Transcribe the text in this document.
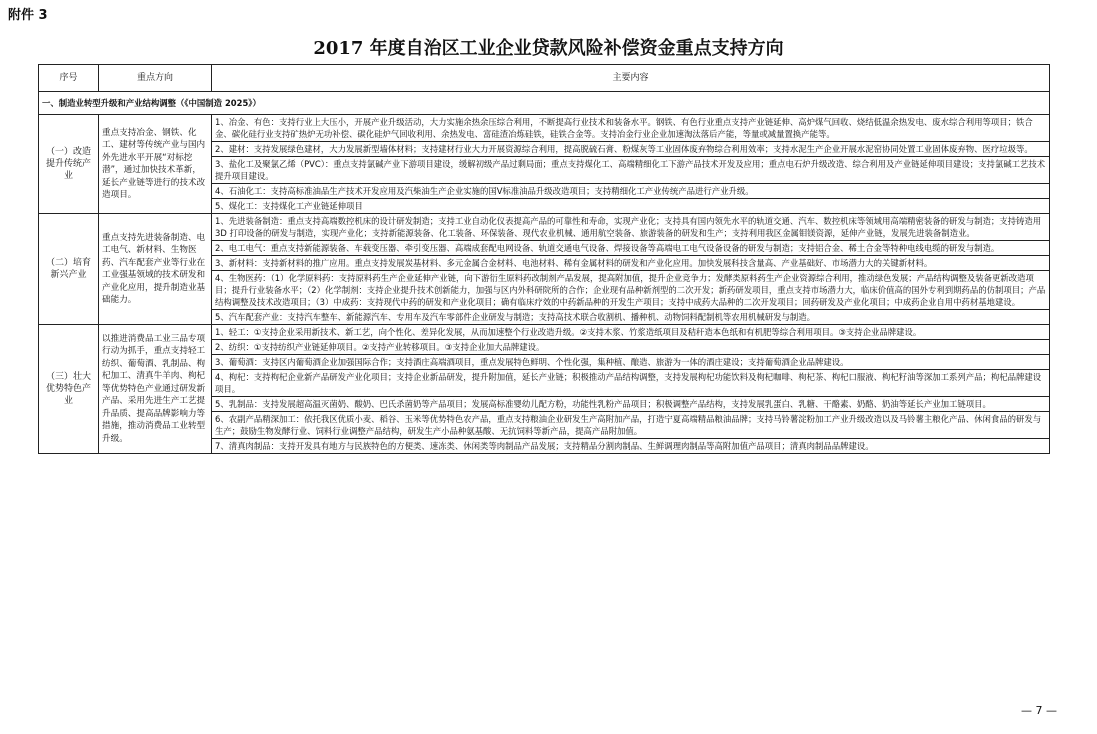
附件 3
2017 年度自治区工业企业贷款风险补偿资金重点支持方向
序号	重点方向	主要内容
一、制造业转型升级和产业结构调整（《中国制造 2025》）		
（一）改造提升传统产业	重点支持冶金、钢铁、化工、建材等传统产业与国内外先进水平开展“对标挖潜”，通过加快技术革新，延长产业链等进行的技术改造项目。	1、冶金、有色：支持行业上大压小，开展产业升级活动，大力实施余热余压综合利用，不断提高行业技术和装备水平。钢铁、有色行业重点支持产业链延伸、高炉煤气回收、烧结低温余热发电、废水综合利用等项目；铁合金、碳化硅行业支持矿热炉无功补偿、碳化硅炉气回收利用、余热发电、富硅渣冶炼硅铁，硅铁合金等。支持冶金行业企业加速淘汰落后产能，等量或减量置换产能等。
		2、建材：支持发展绿色建材，大力发展新型墙体材料；支持建材行业大力开展资源综合利用，提高脱硫石膏、粉煤灰等工业固体废弃物综合利用效率；支持水泥生产企业开展水泥窑协同处置工业固体废弃物、医疗垃圾等。
		3、盐化工及聚氯乙烯（PVC）：重点支持氯碱产业下游项目建设，缓解初级产品过剩局面；重点支持煤化工、高端精细化工下游产品技术开发及应用；重点电石炉升级改造、综合利用及产业链延伸项目建设；支持氯碱工艺技术提升项目建设。
		4、石油化工：支持高标准油品生产技术开发应用及汽柴油生产企业实施的国Ⅴ标准油品升级改造项目；支持精细化工产业传统产品进行产业升级。
		5、煤化工：支持煤化工产业链延伸项目
（二）培育新兴产业	重点支持先进装备制造、电工电气、新材料、生物医药、汽车配套产业等行业在工业强基领域的技术研发和产业化应用，提升制造业基础能力。	1、先进装备制造：重点支持高端数控机床的设计研发制造；支持工业自动化仪表提高产品的可靠性和寿命，实现产业化；支持具有国内领先水平的轨道交通、汽车、数控机床等领域用高端精密装备的研发与制造；支持铸造用 3D 打印设备的研发与制造，实现产业化；支持新能源装备、化工装备、环保装备、现代农业机械、通用航空装备、旅游装备的研发和生产；支持利用我区金属钼镁资源，延伸产业链，发展先进装备制造业。
		2、电工电气：重点支持新能源装备、车载变压器、牵引变压器、高端成套配电网设备、轨道交通电气设备、焊接设备等高端电工电气设备设备的研发与制造；支持铝合金、稀土合金等特种电线电缆的研发与制造。
		3、新材料：支持新材料的推广应用。重点支持发展炭基材料、多元金属合金材料、电池材料、稀有金属材料的研发和产业化应用。加快发展科技含量高、产业基础好、市场潜力大的关键新材料。
		4、生物医药：（1）化学原料药：支持原料药生产企业延伸产业链，向下游衍生原料药改制剂产品发展，提高附加值，提升企业竞争力；发酵类原料药生产企业资源综合利用，推动绿色发展；产品结构调整及装备更新改造项目；提升行业装备水平；（2）化学制剂：支持企业提升技术创新能力，加强与区内外科研院所的合作；企业现有品种新剂型的二次开发；新药研发项目，重点支持市场潜力大，临床价值高的国外专利到期药品的仿制项目；产品结构调整及技术改造项目；（3）中成药：支持现代中药的研发和产业化项目；确有临床疗效的中药新品种的开发生产项目；支持中成药大品种的二次开发项目；回药研发及产业化项目；中成药企业自用中药材基地建设。
		5、汽车配套产业：支持汽车整车、新能源汽车、专用车及汽车零部件企业研发与制造；支持高技术联合收割机、播种机、动物饲料配制机等农用机械研发与制造。
（三）壮大优势特色产业	以推进消费品工业三品专项行动为抓手，重点支持轻工纺织、葡萄酒、乳制品、枸杞加工、清真牛羊肉、枸杞等优势特色产业通过研发新产品、采用先进生产工艺提升品质、提高品牌影响力等措施，推动消费品工业转型升级。	1、轻工：①支持企业采用新技术、新工艺，向个性化、差异化发展，从而加速整个行业改造升级。②支持木浆、竹浆造纸项目及秸秆造本色纸和有机肥等综合利用项目。③支持企业品牌建设。
		2、纺织：①支持纺织产业链延伸项目。②支持产业转移项目。③支持企业加大品牌建设。
		3、葡萄酒：支持区内葡萄酒企业加强国际合作；支持酒庄高端酒项目，重点发展特色鲜明、个性化强，集种植、酿造、旅游为一体的酒庄建设；支持葡萄酒企业品牌建设。
		4、枸杞：支持枸杞企业新产品研发产业化项目；支持企业新品研发，提升附加值，延长产业链；积极推动产品结构调整，支持发展枸杞功能饮料及枸杞咖啡、枸杞茶、枸杞口服液、枸杞籽油等深加工系列产品；枸杞品牌建设项目。
		5、乳制品：支持发展超高温灭菌奶、酸奶、巴氏杀菌奶等产品项目；发展高标准婴幼儿配方粉，功能性乳粉产品项目；积极调整产品结构，支持发展乳蛋白、乳糖、干酪素、奶酪、奶油等延长产业加工链项目。
		6、农副产品精深加工：依托我区优质小麦、稻谷、玉米等优势特色农产品，重点支持粮油企业研发生产高附加产品，打造宁夏高端精品粮油品牌；支持马铃薯淀粉加工产业升级改造以及马铃薯主粮化产品、休闲食品的研发与生产；鼓励生物发酵行业、饲料行业调整产品结构，研发生产小品种氨基酸、无抗饲料等新产品，提高产品附加值。
		7、清真肉制品：支持开发具有地方与民族特色的方便类、速冻类、休闲类等肉制品产品发展；支持精品分割肉制品、生鲜调理肉制品等高附加值产品项目；清真肉制品品牌建设。
— 7 —
